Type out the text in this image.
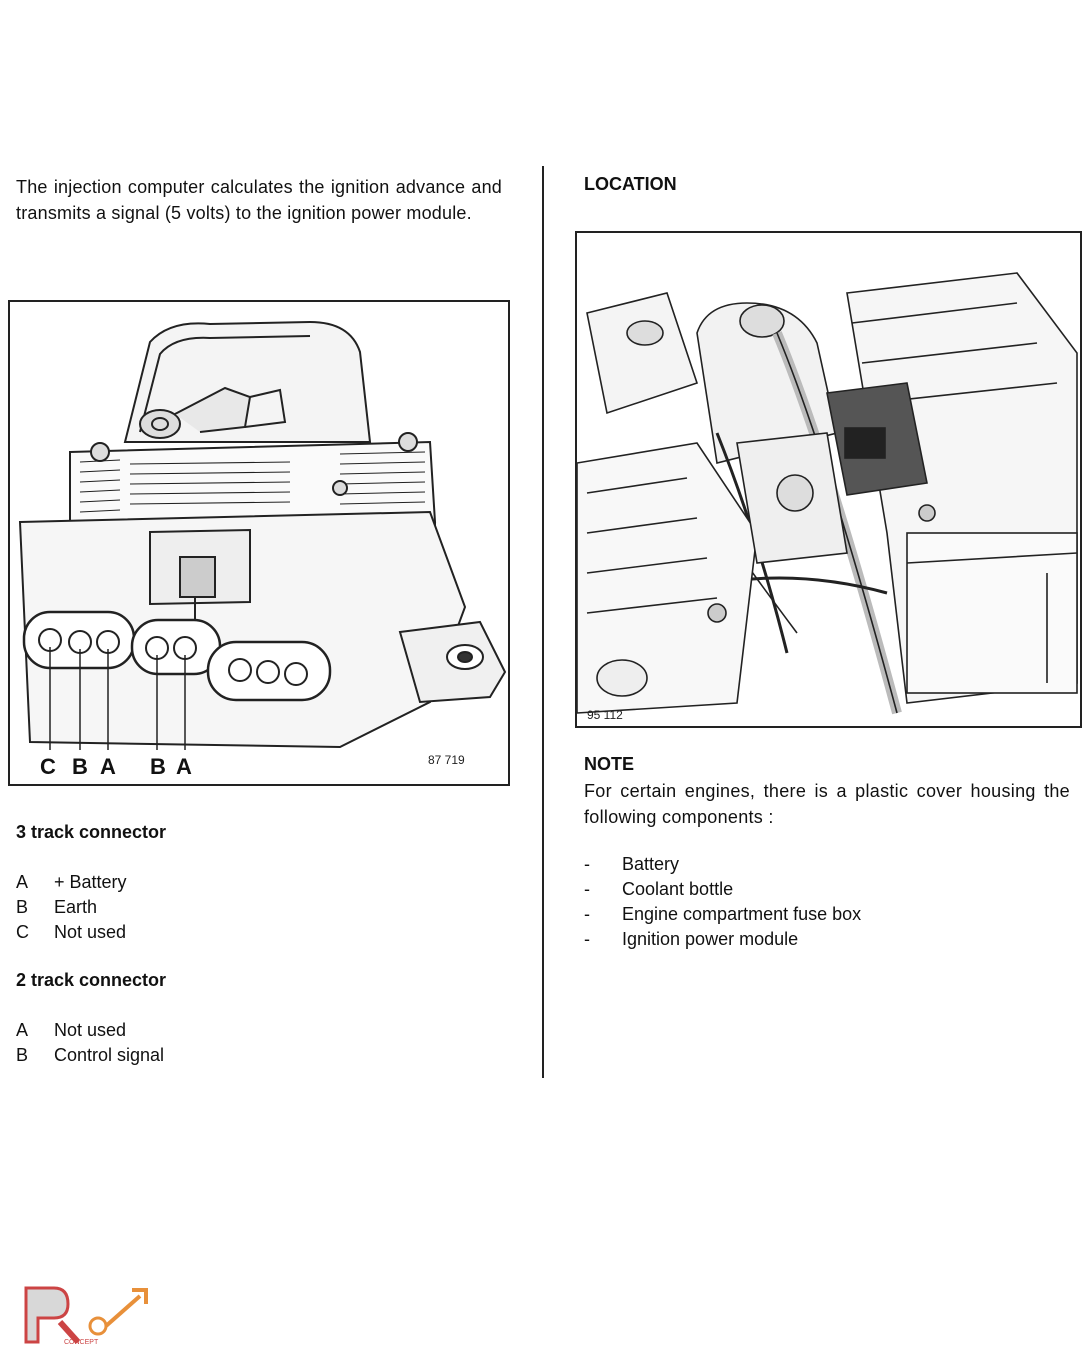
The injection computer calculates the ignition advance and transmits a signal (5 volts) to the ignition power module.
C B A B A	87 719
3 track connector
A + Battery
B Earth
C Not used
2 track connector
A Not used
B Control signal
LOCATION
95 112
NOTE
For certain engines, there is a plastic cover housing the following components :
- Battery
- Coolant bottle
- Engine compartment fuse box
- Ignition power module
CONCEPT
